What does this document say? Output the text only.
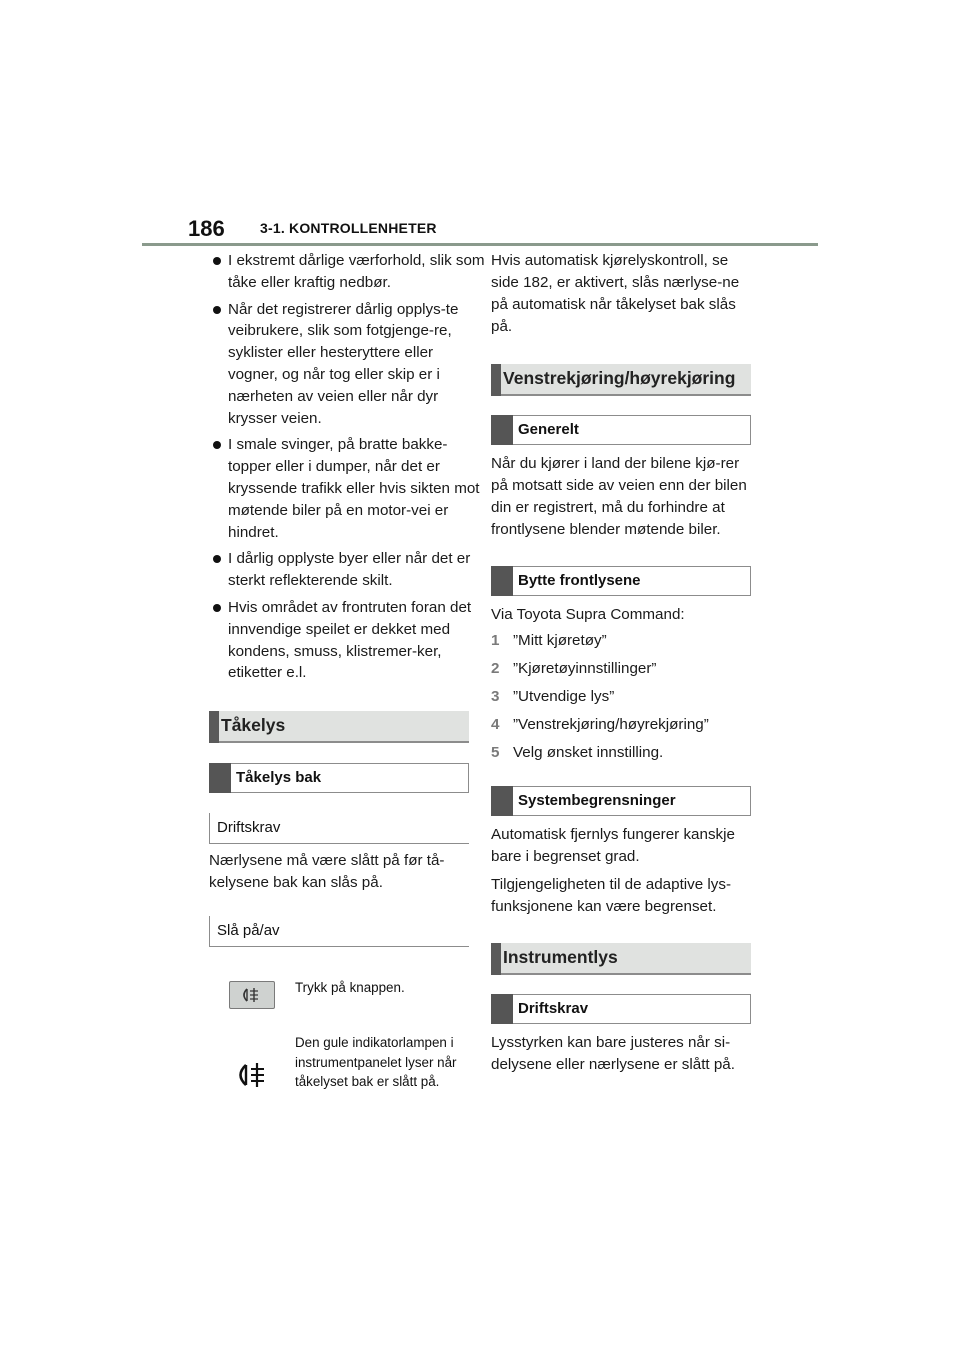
186	3-1. KONTROLLENHETER
I ekstremt dårlige værforhold, slik som tåke eller kraftig nedbør.
Når det registrerer dårlig opplys-te veibrukere, slik som fotgjenge-re, syklister eller hesteryttere eller vogner, og når tog eller skip er i nærheten av veien eller når dyr krysser veien.
I smale svinger, på bratte bakke-topper eller i dumper, når det er kryssende trafikk eller hvis sikten mot møtende biler på en motor-vei er hindret.
I dårlig opplyste byer eller når det er sterkt reflekterende skilt.
Hvis området av frontruten foran det innvendige speilet er dekket med kondens, smuss, klistremer-ker, etiketter e.l.
Tåkelys
Tåkelys bak
Driftskrav

Nærlysene må være slått på før tå-kelysene bak kan slås på.

Slå på/av
Trykk på knappen.
Den gule indikatorlampen i instrumentpanelet lyser når tåkelyset bak er slått på.

Hvis automatisk kjørelyskontroll, se side 182, er aktivert, slås nærlyse-ne på automatisk når tåkelyset bak slås på.

Venstrekjøring/høyrekjøring
Generelt

Når du kjører i land der bilene kjø-rer på motsatt side av veien enn der bilen din er registrert, må du forhindre at frontlysene blender møtende biler.

Bytte frontlysene

Via Toyota Supra Command:

1 ”Mitt kjøretøy”
2 ”Kjøretøyinnstillinger”
3 ”Utvendige lys”
4 ”Venstrekjøring/høyrekjøring”
5 Velg ønsket innstilling.
Systembegrensninger

Automatisk fjernlys fungerer kanskje bare i begrenset grad.

Tilgjengeligheten til de adaptive lys-funksjonene kan være begrenset.

Instrumentlys
Driftskrav

Lysstyrken kan bare justeres når si-delysene eller nærlysene er slått på.
